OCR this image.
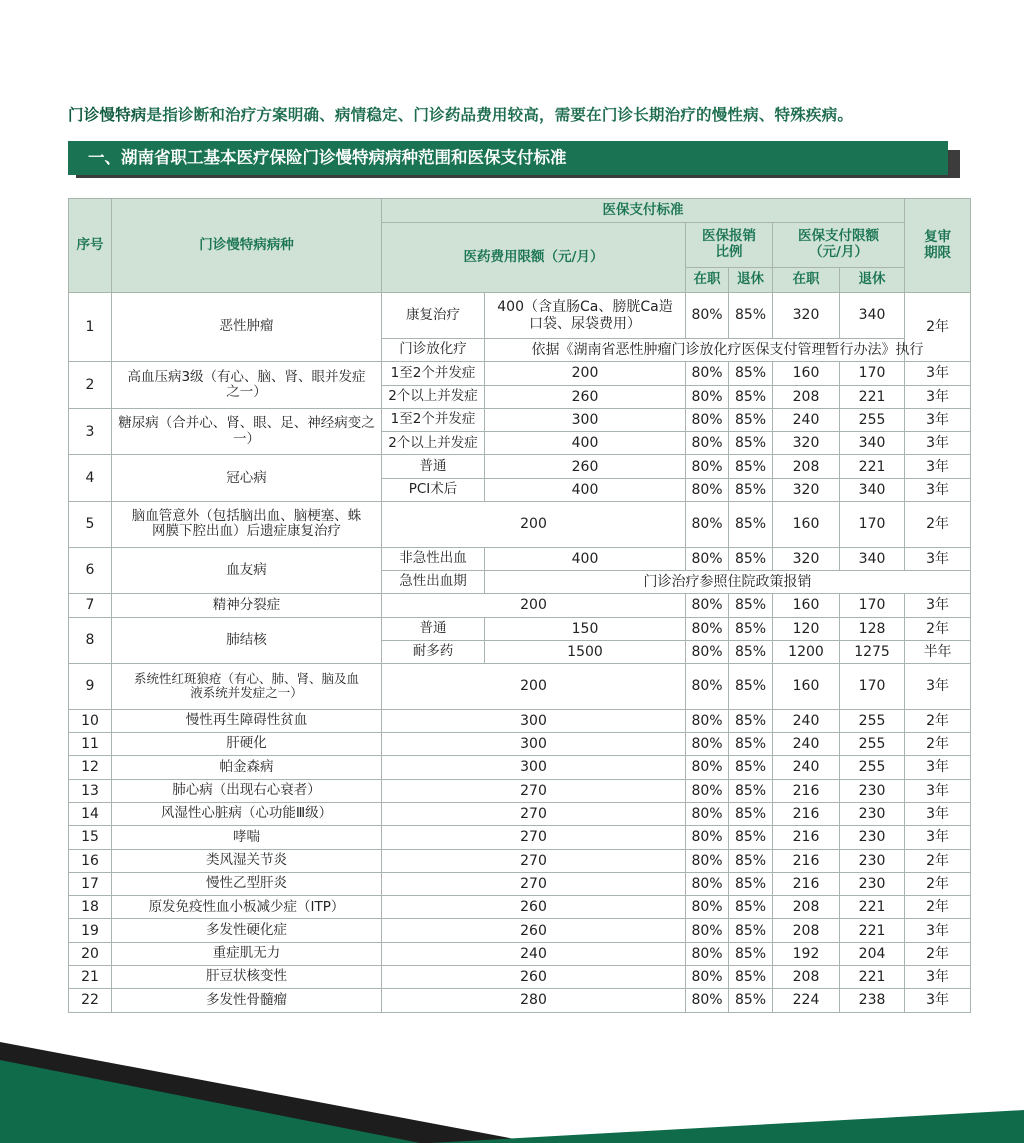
门诊慢特病是指诊断和治疗方案明确、病情稳定、门诊药品费用较高，需要在门诊长期治疗的慢性病、特殊疾病。
一、湖南省职工基本医疗保险门诊慢特病病种范围和医保支付标准
序号	门诊慢特病病种	医保支付标准						复审期限
		医药费用限额（元/月）		医保报销比例		医保支付限额（元/月）		
				在职	退休	在职	退休	
1	恶性肿瘤	康复治疗	400（含直肠Ca、膀胱Ca造口袋、尿袋费用）	80%	85%	320	340	2年
		门诊放化疗	依据《湖南省恶性肿瘤门诊放化疗医保支付管理暂行办法》执行					
2	高血压病3级（有心、脑、肾、眼并发症之一）	1至2个并发症	200	80%	85%	160	170	3年
		2个以上并发症	260	80%	85%	208	221	3年
3	糖尿病（合并心、肾、眼、足、神经病变之一）	1至2个并发症	300	80%	85%	240	255	3年
		2个以上并发症	400	80%	85%	320	340	3年
4	冠心病	普通	260	80%	85%	208	221	3年
		PCI术后	400	80%	85%	320	340	3年
5	脑血管意外（包括脑出血、脑梗塞、蛛网膜下腔出血）后遗症康复治疗	200		80%	85%	160	170	2年
6	血友病	非急性出血	400	80%	85%	320	340	3年
		急性出血期	门诊治疗参照住院政策报销					
7	精神分裂症	200		80%	85%	160	170	3年
8	肺结核	普通	150	80%	85%	120	128	2年
		耐多药	1500	80%	85%	1200	1275	半年
9	系统性红斑狼疮（有心、肺、肾、脑及血液系统并发症之一）	200		80%	85%	160	170	3年
10	慢性再生障碍性贫血	300		80%	85%	240	255	2年
11	肝硬化	300		80%	85%	240	255	2年
12	帕金森病	300		80%	85%	240	255	3年
13	肺心病（出现右心衰者）	270		80%	85%	216	230	3年
14	风湿性心脏病（心功能Ⅲ级）	270		80%	85%	216	230	3年
15	哮喘	270		80%	85%	216	230	3年
16	类风湿关节炎	270		80%	85%	216	230	2年
17	慢性乙型肝炎	270		80%	85%	216	230	2年
18	原发免疫性血小板减少症（ITP）	260		80%	85%	208	221	2年
19	多发性硬化症	260		80%	85%	208	221	3年
20	重症肌无力	240		80%	85%	192	204	2年
21	肝豆状核变性	260		80%	85%	208	221	3年
22	多发性骨髓瘤	280		80%	85%	224	238	3年
